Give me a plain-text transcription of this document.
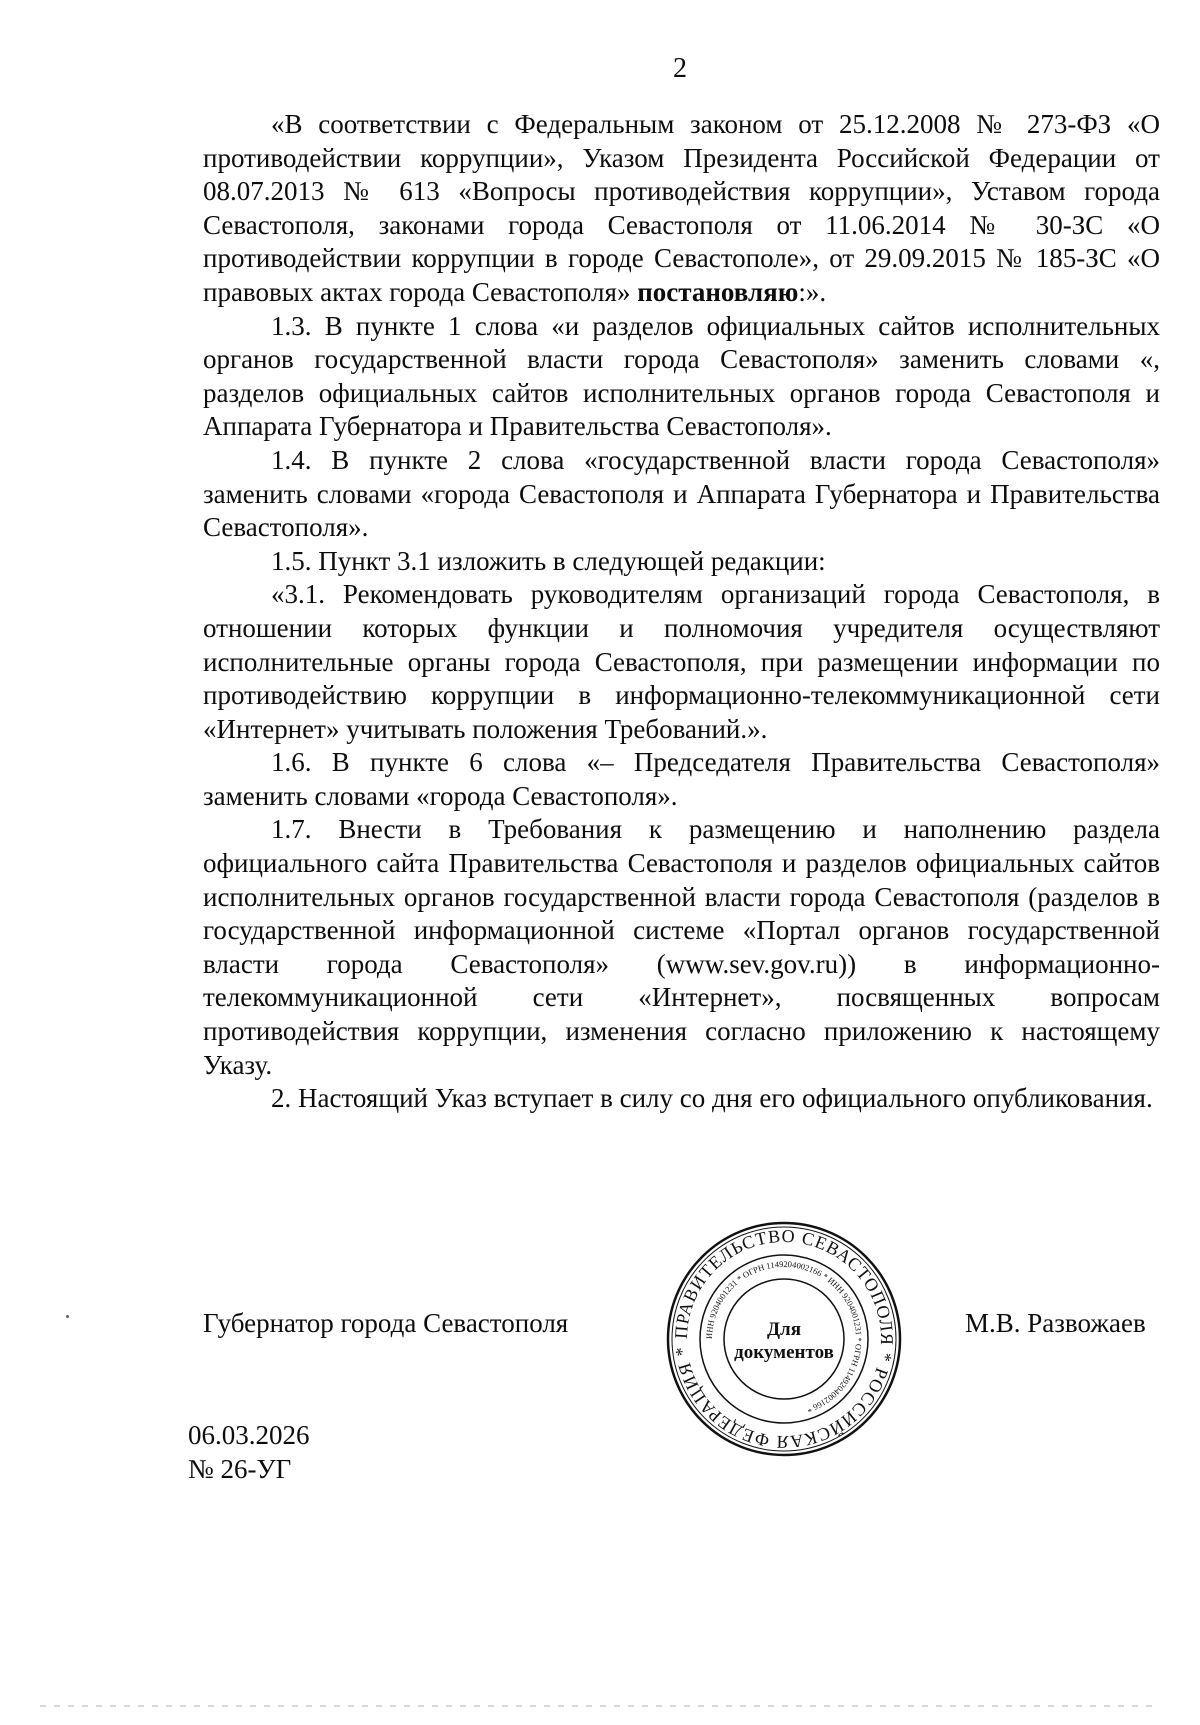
2

«В соответствии с Федеральным законом от 25.12.2008 № 273-ФЗ «О противодействии коррупции», Указом Президента Российской Федерации от 08.07.2013 № 613 «Вопросы противодействия коррупции», Уставом города Севастополя, законами города Севастополя от 11.06.2014 № 30-ЗС «О противодействии коррупции в городе Севастополе», от 29.09.2015 № 185-ЗС «О правовых актах города Севастополя» постановляю:».

1.3. В пункте 1 слова «и разделов официальных сайтов исполнительных органов государственной власти города Севастополя» заменить словами «, разделов официальных сайтов исполнительных органов города Севастополя и Аппарата Губернатора и Правительства Севастополя».

1.4. В пункте 2 слова «государственной власти города Севастополя» заменить словами «города Севастополя и Аппарата Губернатора и Правительства Севастополя».

1.5. Пункт 3.1 изложить в следующей редакции:

«3.1. Рекомендовать руководителям организаций города Севастополя, в отношении которых функции и полномочия учредителя осуществляют исполнительные органы города Севастополя, при размещении информации по противодействию коррупции в информационно-телекоммуникационной сети «Интернет» учитывать положения Требований.».

1.6. В пункте 6 слова «– Председателя Правительства Севастополя» заменить словами «города Севастополя».

1.7. Внести в Требования к размещению и наполнению раздела официального сайта Правительства Севастополя и разделов официальных сайтов исполнительных органов государственной власти города Севастополя (разделов в государственной информационной системе «Портал органов государственной власти города Севастополя» (www.sev.gov.ru)) в информационно-телекоммуникационной сети «Интернет», посвященных вопросам противодействия коррупции, изменения согласно приложению к настоящему Указу.

2. Настоящий Указ вступает в силу со дня его официального опубликования.

Губернатор города Севастополя	М.В. Развожаев
ПРАВИТЕЛЬСТВО СЕВАСТОПОЛЯ * РОССИЙСКАЯ ФЕДЕРАЦИЯ *
ИНН 9204001231 * ОГРН 1149204002166 * ИНН 9204001231 * ОГРН 1149204002166 *
Для
документов
06.03.2026
№ 26-УГ
